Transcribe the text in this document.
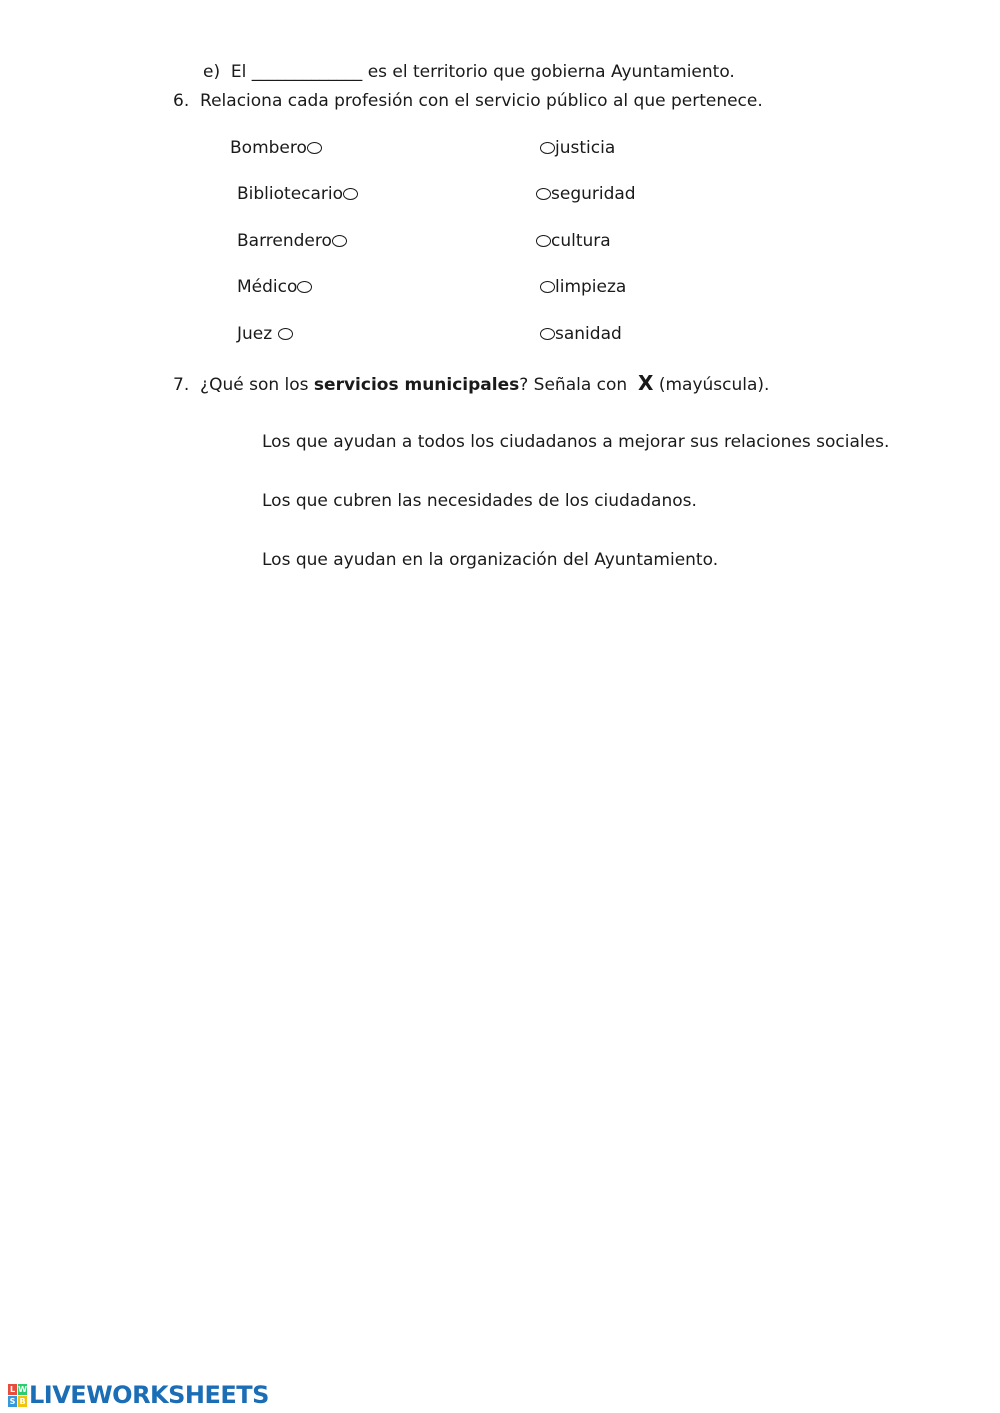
e) El _____________ es el territorio que gobierna Ayuntamiento.
6. Relaciona cada profesión con el servicio público al que pertenece.
Bombero
Bibliotecario
Barrendero
Médico
Juez
justicia
seguridad
cultura
limpieza
sanidad
7. ¿Qué son los servicios municipales? Señala con X (mayúscula).
Los que ayudan a todos los ciudadanos a mejorar sus relaciones sociales.
Los que cubren las necesidades de los ciudadanos.
Los que ayudan en la organización del Ayuntamiento.
L W
S B LIVEWORKSHEETS
